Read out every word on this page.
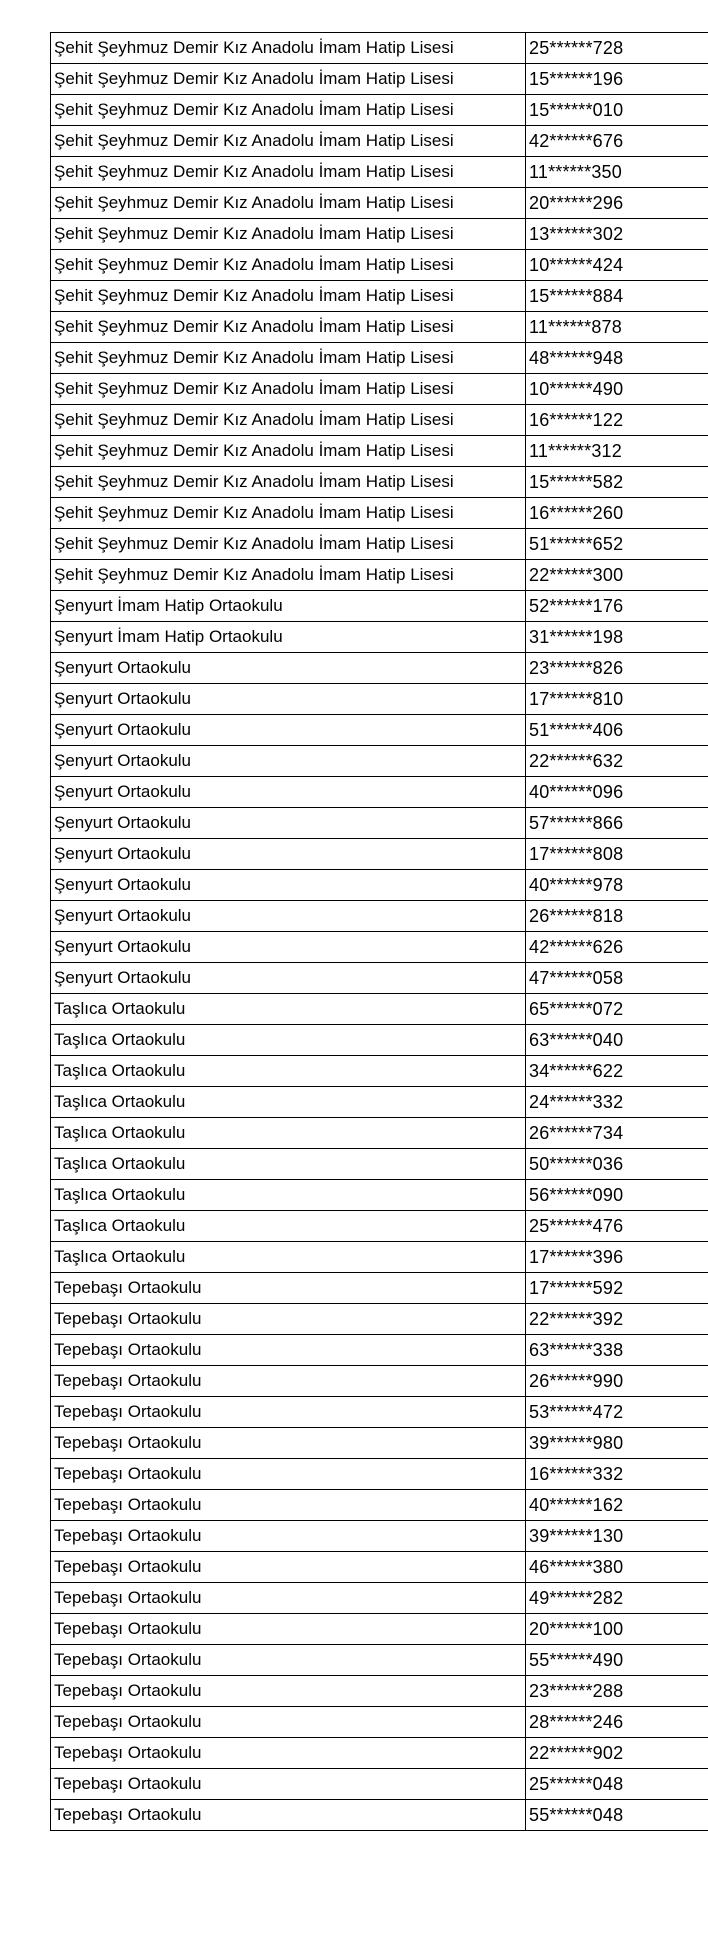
Şehit Şeyhmuz Demir Kız Anadolu İmam Hatip Lisesi	25******728
Şehit Şeyhmuz Demir Kız Anadolu İmam Hatip Lisesi	15******196
Şehit Şeyhmuz Demir Kız Anadolu İmam Hatip Lisesi	15******010
Şehit Şeyhmuz Demir Kız Anadolu İmam Hatip Lisesi	42******676
Şehit Şeyhmuz Demir Kız Anadolu İmam Hatip Lisesi	11******350
Şehit Şeyhmuz Demir Kız Anadolu İmam Hatip Lisesi	20******296
Şehit Şeyhmuz Demir Kız Anadolu İmam Hatip Lisesi	13******302
Şehit Şeyhmuz Demir Kız Anadolu İmam Hatip Lisesi	10******424
Şehit Şeyhmuz Demir Kız Anadolu İmam Hatip Lisesi	15******884
Şehit Şeyhmuz Demir Kız Anadolu İmam Hatip Lisesi	11******878
Şehit Şeyhmuz Demir Kız Anadolu İmam Hatip Lisesi	48******948
Şehit Şeyhmuz Demir Kız Anadolu İmam Hatip Lisesi	10******490
Şehit Şeyhmuz Demir Kız Anadolu İmam Hatip Lisesi	16******122
Şehit Şeyhmuz Demir Kız Anadolu İmam Hatip Lisesi	11******312
Şehit Şeyhmuz Demir Kız Anadolu İmam Hatip Lisesi	15******582
Şehit Şeyhmuz Demir Kız Anadolu İmam Hatip Lisesi	16******260
Şehit Şeyhmuz Demir Kız Anadolu İmam Hatip Lisesi	51******652
Şehit Şeyhmuz Demir Kız Anadolu İmam Hatip Lisesi	22******300
Şenyurt İmam Hatip Ortaokulu	52******176
Şenyurt İmam Hatip Ortaokulu	31******198
Şenyurt Ortaokulu	23******826
Şenyurt Ortaokulu	17******810
Şenyurt Ortaokulu	51******406
Şenyurt Ortaokulu	22******632
Şenyurt Ortaokulu	40******096
Şenyurt Ortaokulu	57******866
Şenyurt Ortaokulu	17******808
Şenyurt Ortaokulu	40******978
Şenyurt Ortaokulu	26******818
Şenyurt Ortaokulu	42******626
Şenyurt Ortaokulu	47******058
Taşlıca Ortaokulu	65******072
Taşlıca Ortaokulu	63******040
Taşlıca Ortaokulu	34******622
Taşlıca Ortaokulu	24******332
Taşlıca Ortaokulu	26******734
Taşlıca Ortaokulu	50******036
Taşlıca Ortaokulu	56******090
Taşlıca Ortaokulu	25******476
Taşlıca Ortaokulu	17******396
Tepebaşı Ortaokulu	17******592
Tepebaşı Ortaokulu	22******392
Tepebaşı Ortaokulu	63******338
Tepebaşı Ortaokulu	26******990
Tepebaşı Ortaokulu	53******472
Tepebaşı Ortaokulu	39******980
Tepebaşı Ortaokulu	16******332
Tepebaşı Ortaokulu	40******162
Tepebaşı Ortaokulu	39******130
Tepebaşı Ortaokulu	46******380
Tepebaşı Ortaokulu	49******282
Tepebaşı Ortaokulu	20******100
Tepebaşı Ortaokulu	55******490
Tepebaşı Ortaokulu	23******288
Tepebaşı Ortaokulu	28******246
Tepebaşı Ortaokulu	22******902
Tepebaşı Ortaokulu	25******048
Tepebaşı Ortaokulu	55******048
